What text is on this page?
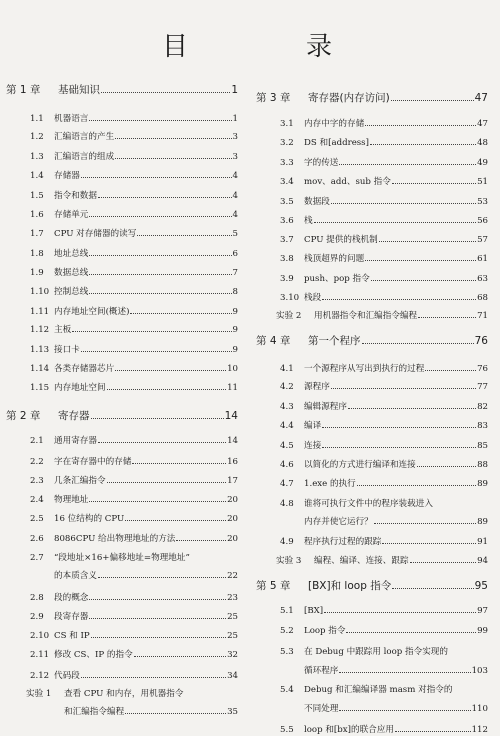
目　录
第 1 章	基础知识	1
1.1	机器语言	1
1.2	汇编语言的产生	3
1.3	汇编语言的组成	3
1.4	存储器	4
1.5	指令和数据	4
1.6	存储单元	4
1.7	CPU 对存储器的读写	5
1.8	地址总线	6
1.9	数据总线	7
1.10 控制总线	8
1.11 内存地址空间(概述)	9
1.12 主板	9
1.13 接口卡	9
1.14 各类存储器芯片	10
1.15 内存地址空间	11
第 2 章	寄存器	14
2.1	通用寄存器	14
2.2	字在寄存器中的存储	16
2.3	几条汇编指令	17
2.4	物理地址	20
2.5	16 位结构的 CPU	20
2.6	8086CPU 给出物理地址的方法	20
2.7	“段地址×16+偏移地址=物理地址”
的本质含义	22
2.8	段的概念	23
2.9	段寄存器	25
2.10 CS 和 IP	25
2.11 修改 CS、IP 的指令	32
2.12 代码段	34
实验 1	查看 CPU 和内存，用机器指令
和汇编指令编程	35
第 3 章	寄存器(内存访问)	47
3.1	内存中字的存储	47
3.2	DS 和[address]	48
3.3	字的传送	49
3.4	mov、add、sub 指令	51
3.5	数据段	53
3.6	栈	56
3.7	CPU 提供的栈机制	57
3.8	栈顶超界的问题	61
3.9	push、pop 指令	63
3.10 栈段	68
实验 2	用机器指令和汇编指令编程	71
第 4 章	第一个程序	76
4.1	一个源程序从写出到执行的过程	76
4.2	源程序	77
4.3	编辑源程序	82
4.4	编译	83
4.5	连接	85
4.6	以简化的方式进行编译和连接	88
4.7	1.exe 的执行	89
4.8	谁将可执行文件中的程序装载进入
内存并使它运行？	89
4.9	程序执行过程的跟踪	91
实验 3	编程、编译、连接、跟踪	94
第 5 章	[BX]和 loop 指令	95
5.1	[BX]	97
5.2	Loop 指令	99
5.3	在 Debug 中跟踪用 loop 指令实现的
循环程序	103
5.4	Debug 和汇编编译器 masm 对指令的
不同处理	110
5.5	loop 和[bx]的联合应用	112
